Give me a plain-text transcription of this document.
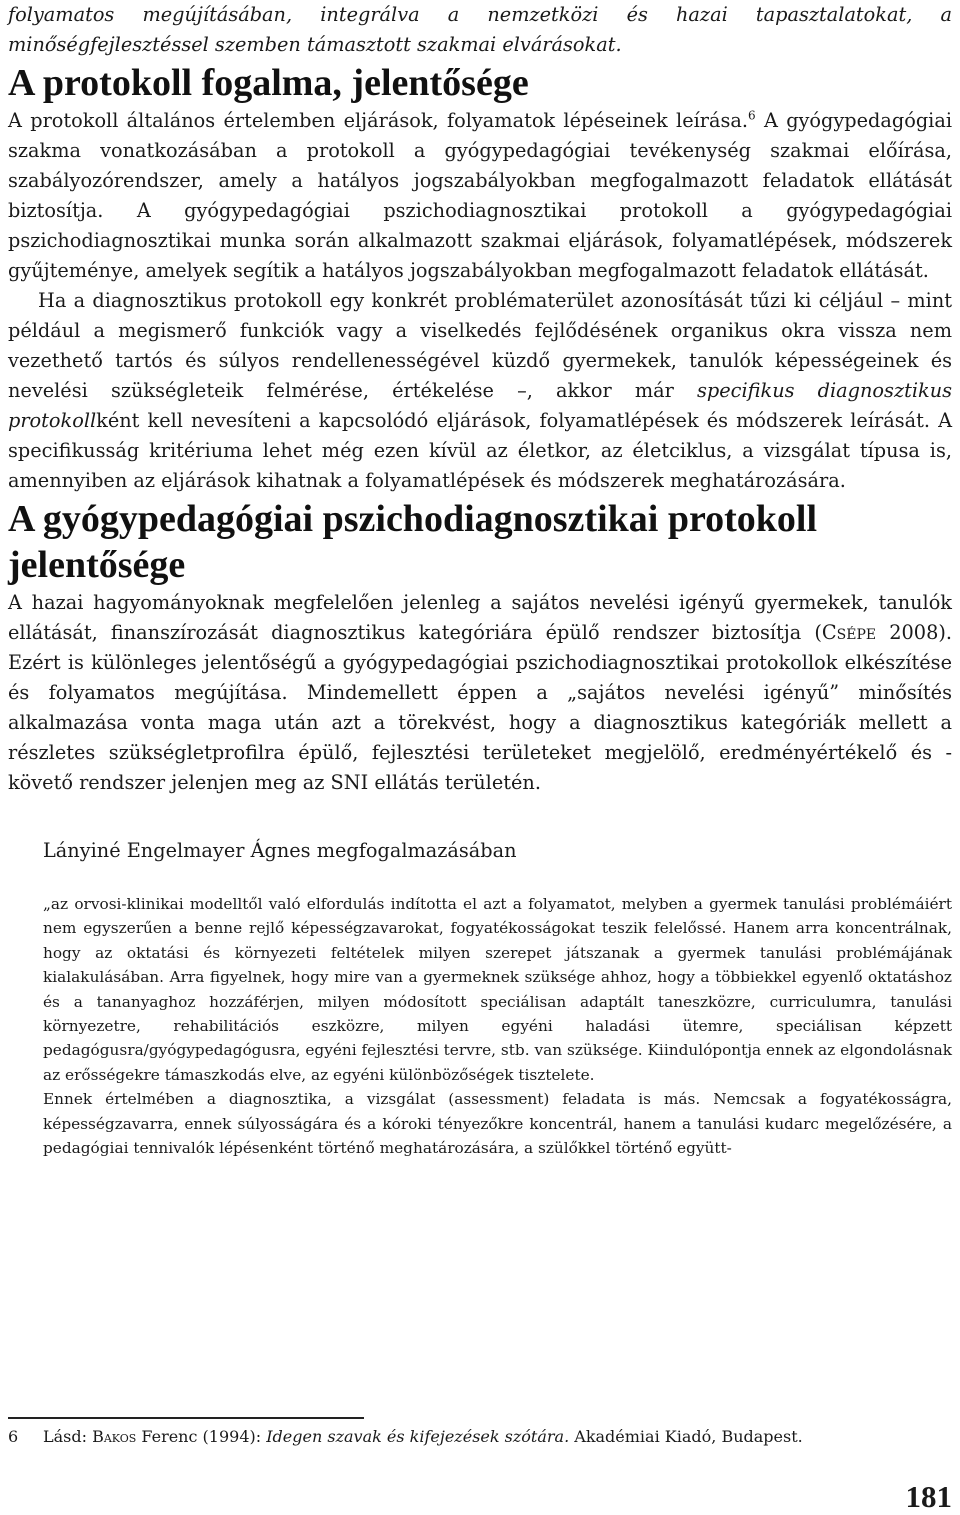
folyamatos megújításában, integrálva a nemzetközi és hazai tapasztalatokat, a minőségfejlesztéssel szemben támasztott szakmai elvárásokat.

A protokoll fogalma, jelentősége

A protokoll általános értelemben eljárások, folyamatok lépéseinek leírása.$^6$ A gyógypedagógiai szakma vonatkozásában a protokoll a gyógypedagógiai tevékenység szakmai előírása, szabályozórendszer, amely a hatályos jogszabályokban megfogalmazott feladatok ellátását biztosítja. A gyógypedagógiai pszichodiagnosztikai protokoll a gyógypedagógiai pszichodiagnosztikai munka során alkalmazott szakmai eljárások, folyamatlépések, módszerek gyűjteménye, amelyek segítik a hatályos jogszabályokban megfogalmazott feladatok ellátását.

Ha a diagnosztikus protokoll egy konkrét problématerület azonosítását tűzi ki céljául – mint például a megismerő funkciók vagy a viselkedés fejlődésének organikus okra vissza nem vezethető tartós és súlyos rendellenességével küzdő gyermekek, tanulók képességeinek és nevelési szükségleteik felmérése, értékelése –, akkor már specifikus diagnosztikus protokollként kell nevesíteni a kapcsolódó eljárások, folyamatlépések és módszerek leírását. A specifikusság kritériuma lehet még ezen kívül az életkor, az életciklus, a vizsgálat típusa is, amennyiben az eljárások kihatnak a folyamatlépések és módszerek meghatározására.

A gyógypedagógiai pszichodiagnosztikai protokoll jelentősége

A hazai hagyományoknak megfelelően jelenleg a sajátos nevelési igényű gyermekek, tanulók ellátását, finanszírozását diagnosztikus kategóriára épülő rendszer biztosítja (Csépe 2008). Ezért is különleges jelentőségű a gyógypedagógiai pszichodiagnosztikai protokollok elkészítése és folyamatos megújítása. Mindemellett éppen a „sajátos nevelési igényű” minősítés alkalmazása vonta maga után azt a törekvést, hogy a diagnosztikus kategóriák mellett a részletes szükségletprofilra épülő, fejlesztési területeket megjelölő, eredményértékelő és -követő rendszer jelenjen meg az SNI ellátás területén.

Lányiné Engelmayer Ágnes megfogalmazásában

„az orvosi-klinikai modelltől való elfordulás indította el azt a folyamatot, melyben a gyermek tanulási problémáiért nem egyszerűen a benne rejlő képességzavarokat, fogyatékosságokat teszik felelőssé. Hanem arra koncentrálnak, hogy az oktatási és környezeti feltételek milyen szerepet játszanak a gyermek tanulási problémájának kialakulásában. Arra figyelnek, hogy mire van a gyermeknek szüksége ahhoz, hogy a többiekkel egyenlő oktatáshoz és a tananyaghoz hozzáférjen, milyen módosított speciálisan adaptált taneszközre, curriculumra, tanulási környezetre, rehabilitációs eszközre, milyen egyéni haladási ütemre, speciálisan képzett pedagógusra/gyógypedagógusra, egyéni fejlesztési tervre, stb. van szüksége. Kiindulópontja ennek az elgondolásnak az erősségekre támaszkodás elve, az egyéni különbözőségek tisztelete.

Ennek értelmében a diagnosztika, a vizsgálat (assessment) feladata is más. Nemcsak a fogyatékosságra, képességzavarra, ennek súlyosságára és a kóroki tényezőkre koncentrál, hanem a tanulási kudarc megelőzésére, a pedagógiai tennivalók lépésenként történő meghatározására, a szülőkkel történő együtt-

6 Lásd: Bakos Ferenc (1994): Idegen szavak és kifejezések szótára. Akadémiai Kiadó, Budapest.
181
